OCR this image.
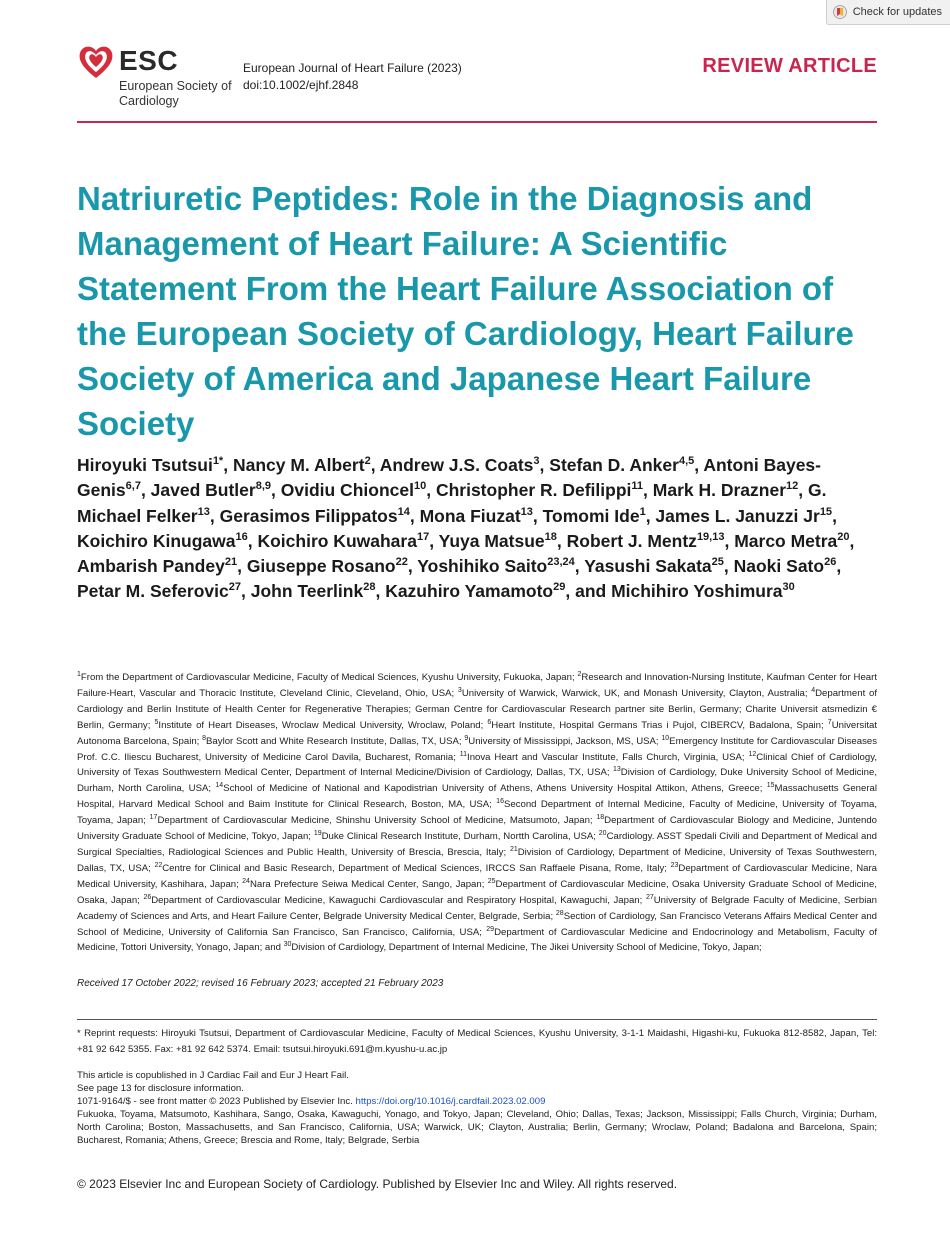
Check for updates
ESC
European Society of Cardiology
European Journal of Heart Failure (2023)
doi:10.1002/ejhf.2848
REVIEW ARTICLE
Natriuretic Peptides: Role in the Diagnosis and Management of Heart Failure: A Scientific Statement From the Heart Failure Association of the European Society of Cardiology, Heart Failure Society of America and Japanese Heart Failure Society

Hiroyuki Tsutsui$^{1*}$, Nancy M. Albert$^2$, Andrew J.S. Coats$^3$, Stefan D. Anker$^{4,5}$, Antoni Bayes-Genis$^{6,7}$, Javed Butler$^{8,9}$, Ovidiu Chioncel$^{10}$, Christopher R. Defilippi$^{11}$, Mark H. Drazner$^{12}$, G. Michael Felker$^{13}$, Gerasimos Filippatos$^{14}$, Mona Fiuzat$^{13}$, Tomomi Ide$^1$, James L. Januzzi Jr$^{15}$, Koichiro Kinugawa$^{16}$, Koichiro Kuwahara$^{17}$, Yuya Matsue$^{18}$, Robert J. Mentz$^{19,13}$, Marco Metra$^{20}$, Ambarish Pandey$^{21}$, Giuseppe Rosano$^{22}$, Yoshihiko Saito$^{23,24}$, Yasushi Sakata$^{25}$, Naoki Sato$^{26}$, Petar M. Seferovic$^{27}$, John Teerlink$^{28}$, Kazuhiro Yamamoto$^{29}$, and Michihiro Yoshimura$^{30}$

$^1$From the Department of Cardiovascular Medicine, Faculty of Medical Sciences, Kyushu University, Fukuoka, Japan; $^2$Research and Innovation-Nursing Institute, Kaufman Center for Heart Failure-Heart, Vascular and Thoracic Institute, Cleveland Clinic, Cleveland, Ohio, USA; $^3$University of Warwick, Warwick, UK, and Monash University, Clayton, Australia; $^4$Department of Cardiology and Berlin Institute of Health Center for Regenerative Therapies; German Centre for Cardiovascular Research partner site Berlin, Germany; Charite Universit atsmedizin € Berlin, Germany; $^5$Institute of Heart Diseases, Wroclaw Medical University, Wroclaw, Poland; $^6$Heart Institute, Hospital Germans Trias i Pujol, CIBERCV, Badalona, Spain; $^7$Universitat Autonoma Barcelona, Spain; $^8$Baylor Scott and White Research Institute, Dallas, TX, USA; $^9$University of Mississippi, Jackson, MS, USA; $^{10}$Emergency Institute for Cardiovascular Diseases Prof. C.C. Iliescu Bucharest, University of Medicine Carol Davila, Bucharest, Romania; $^{11}$Inova Heart and Vascular Institute, Falls Church, Virginia, USA; $^{12}$Clinical Chief of Cardiology, University of Texas Southwestern Medical Center, Department of Internal Medicine/Division of Cardiology, Dallas, TX, USA; $^{13}$Division of Cardiology, Duke University School of Medicine, Durham, North Carolina, USA; $^{14}$School of Medicine of National and Kapodistrian University of Athens, Athens University Hospital Attikon, Athens, Greece; $^{15}$Massachusetts General Hospital, Harvard Medical School and Baim Institute for Clinical Research, Boston, MA, USA; $^{16}$Second Department of Internal Medicine, Faculty of Medicine, University of Toyama, Toyama, Japan; $^{17}$Department of Cardiovascular Medicine, Shinshu University School of Medicine, Matsumoto, Japan; $^{18}$Department of Cardiovascular Biology and Medicine, Juntendo University Graduate School of Medicine, Tokyo, Japan; $^{19}$Duke Clinical Research Institute, Durham, Nortth Carolina, USA; $^{20}$Cardiology. ASST Spedali Civili and Department of Medical and Surgical Specialties, Radiological Sciences and Public Health, University of Brescia, Brescia, Italy; $^{21}$Division of Cardiology, Department of Medicine, University of Texas Southwestern, Dallas, TX, USA; $^{22}$Centre for Clinical and Basic Research, Department of Medical Sciences, IRCCS San Raffaele Pisana, Rome, Italy; $^{23}$Department of Cardiovascular Medicine, Nara Medical University, Kashihara, Japan; $^{24}$Nara Prefecture Seiwa Medical Center, Sango, Japan; $^{25}$Department of Cardiovascular Medicine, Osaka University Graduate School of Medicine, Osaka, Japan; $^{26}$Department of Cardiovascular Medicine, Kawaguchi Cardiovascular and Respiratory Hospital, Kawaguchi, Japan; $^{27}$University of Belgrade Faculty of Medicine, Serbian Academy of Sciences and Arts, and Heart Failure Center, Belgrade University Medical Center, Belgrade, Serbia; $^{28}$Section of Cardiology, San Francisco Veterans Affairs Medical Center and School of Medicine, University of California San Francisco, San Francisco, California, USA; $^{29}$Department of Cardiovascular Medicine and Endocrinology and Metabolism, Faculty of Medicine, Tottori University, Yonago, Japan; and $^{30}$Division of Cardiology, Department of Internal Medicine, The Jikei University School of Medicine, Tokyo, Japan;

Received 17 October 2022; revised 16 February 2023; accepted 21 February 2023

* Reprint requests: Hiroyuki Tsutsui, Department of Cardiovascular Medicine, Faculty of Medical Sciences, Kyushu University, 3-1-1 Maidashi, Higashi-ku, Fukuoka 812-8582, Japan, Tel: +81 92 642 5355. Fax: +81 92 642 5374. Email: tsutsui.hiroyuki.691@m.kyushu-u.ac.jp

This article is copublished in J Cardiac Fail and Eur J Heart Fail.
See page 13 for disclosure information.
1071-9164/$ - see front matter © 2023 Published by Elsevier Inc. https://doi.org/10.1016/j.cardfail.2023.02.009

Fukuoka, Toyama, Matsumoto, Kashihara, Sango, Osaka, Kawaguchi, Yonago, and Tokyo, Japan; Cleveland, Ohio; Dallas, Texas; Jackson, Mississippi; Falls Church, Virginia; Durham, North Carolina; Boston, Massachusetts, and San Francisco, California, USA; Warwick, UK; Clayton, Australia; Berlin, Germany; Wroclaw, Poland; Badalona and Barcelona, Spain; Bucharest, Romania; Athens, Greece; Brescia and Rome, Italy; Belgrade, Serbia

© 2023 Elsevier Inc and European Society of Cardiology. Published by Elsevier Inc and Wiley. All rights reserved.
